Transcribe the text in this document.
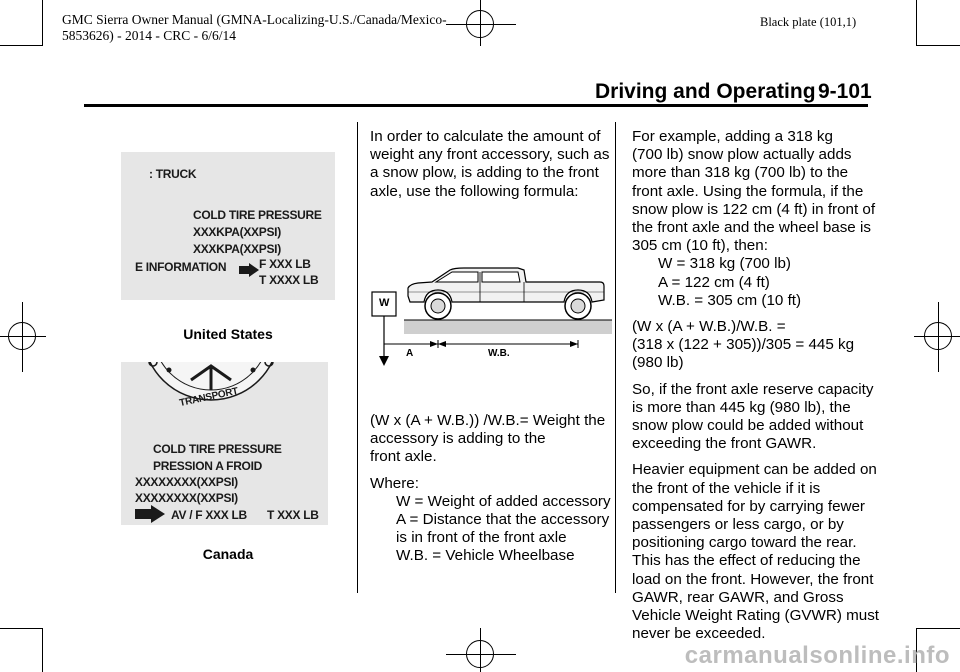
GMC Sierra Owner Manual (GMNA-Localizing-U.S./Canada/Mexico-
5853626) - 2014 - CRC - 6/6/14
Black plate (101,1)
Driving and Operating 9-101
: TRUCK
COLD TIRE PRESSURE
XXXKPA(XXPSI)
XXXKPA(XXPSI)
E INFORMATION	F XXX LB
T XXXX LB
United States
TRANSPORT
COLD TIRE PRESSURE
PRESSION A FROID
XXXXXXXX(XXPSI)
XXXXXXXX(XXPSI)
AV / F XXX LB T XXX LB
Canada
In order to calculate the amount of
weight any front accessory, such as
a snow plow, is adding to the front
axle, use the following formula:
W
A	W.B.

(W x (A + W.B.)) /W.B.= Weight the
accessory is adding to the
front axle.

Where:
W = Weight of added accessory
A = Distance that the accessory
is in front of the front axle
W.B. = Vehicle Wheelbase
For example, adding a 318 kg
(700 lb) snow plow actually adds
more than 318 kg (700 lb) to the
front axle. Using the formula, if the
snow plow is 122 cm (4 ft) in front of
the front axle and the wheel base is
305 cm (10 ft), then:
W = 318 kg (700 lb)
A = 122 cm (4 ft)
W.B. = 305 cm (10 ft)

(W x (A + W.B.)/W.B. =
(318 x (122 + 305))/305 = 445 kg
(980 lb)

So, if the front axle reserve capacity
is more than 445 kg (980 lb), the
snow plow could be added without
exceeding the front GAWR.

Heavier equipment can be added on
the front of the vehicle if it is
compensated for by carrying fewer
passengers or less cargo, or by
positioning cargo toward the rear.
This has the effect of reducing the
load on the front. However, the front
GAWR, rear GAWR, and Gross
Vehicle Weight Rating (GVWR) must
never be exceeded.

carmanualsonline.info
